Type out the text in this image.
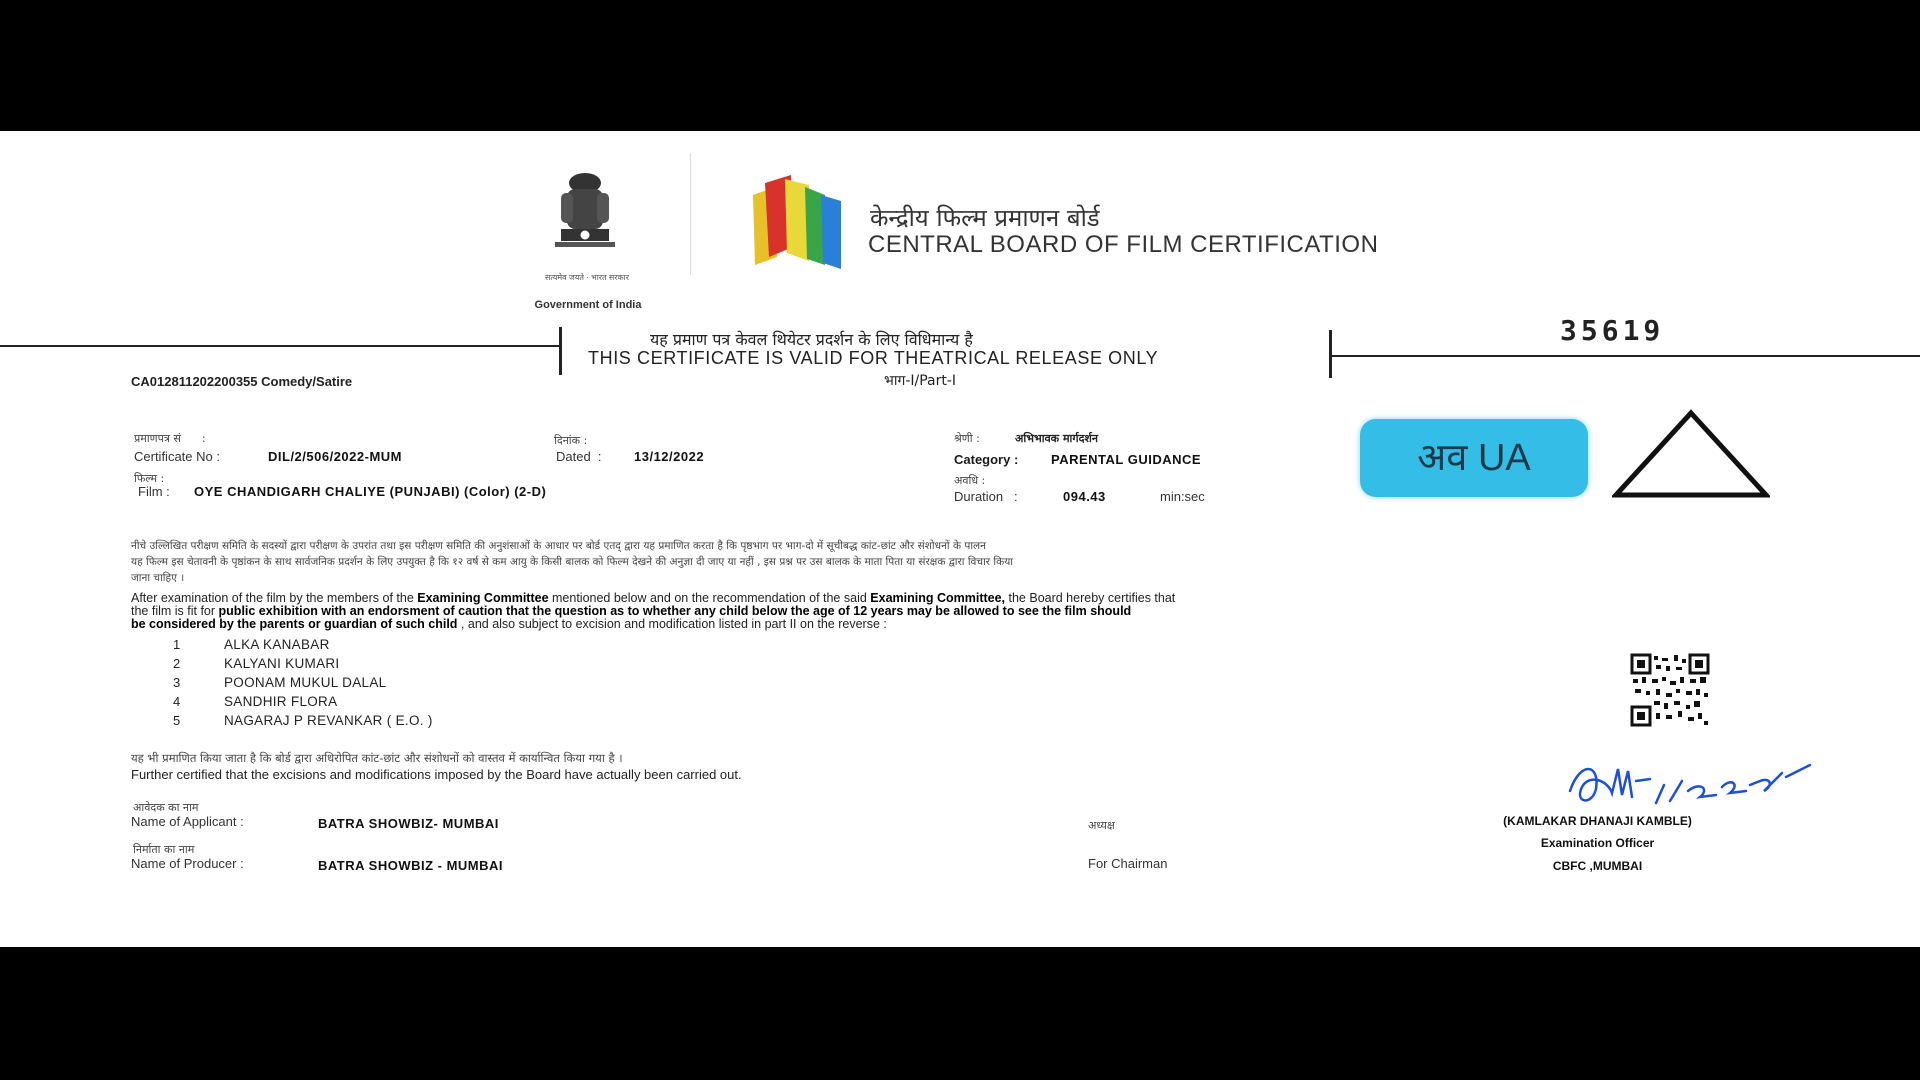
सत्यमेव जयते · भारत सरकार
Government of India
केन्द्रीय फिल्म प्रमाणन बोर्ड
CENTRAL BOARD OF FILM CERTIFICATION
35619
यह प्रमाण पत्र केवल थियेटर प्रदर्शन के लिए विधिमान्य है
THIS CERTIFICATE IS VALID FOR THEATRICAL RELEASE ONLY
भाग-I/Part-I
CA012811202200355 Comedy/Satire
प्रमाणपत्र सं      :
Certificate No :	DIL/2/506/2022-MUM
फिल्म :
Film : OYE CHANDIGARH CHALIYE (PUNJABI) (Color) (2-D)
दिनांक :
Dated  : 13/12/2022
श्रेणी :	अभिभावक मार्गदर्शन
Category :	PARENTAL GUIDANCE
अवधि :
Duration   :	094.43	min:sec
अव UA
नीचे उल्लिखित परीक्षण समिति के सदस्यों द्वारा परीक्षण के उपरांत तथा इस परीक्षण समिति की अनुशंसाओं के आधार पर बोर्ड एतद् द्वारा यह प्रमाणित करता है कि पृष्ठभाग पर भाग-दो में सूचीबद्ध कांट-छांट और संशोधनों के पालन
यह फिल्म इस चेतावनी के पृष्ठांकन के साथ सार्वजनिक प्रदर्शन के लिए उपयुक्त है कि १२ वर्ष से कम आयु के किसी बालक को फिल्म देखने की अनुज्ञा दी जाए या नहीं , इस प्रश्न पर उस बालक के माता पिता या संरक्षक द्वारा विचार किया
जाना चाहिए ।
After examination of the film by the members of the Examining Committee mentioned below and on the recommendation of the said Examining Committee, the Board hereby certifies that
the film is fit for public exhibition with an endorsment of caution that the question as to whether any child below the age of 12 years may be allowed to see the film should
be considered by the parents or guardian of such child , and also subject to excision and modification listed in part II on the reverse :
1	ALKA KANABAR
2	KALYANI KUMARI
3	POONAM MUKUL DALAL
4	SANDHIR FLORA
5	NAGARAJ P REVANKAR ( E.O. )
यह भी प्रमाणित किया जाता है कि बोर्ड द्वारा अधिरोपित कांट-छांट और संशोधनों को वास्तव में कार्यान्वित किया गया है ।
Further certified that the excisions and modifications imposed by the Board have actually been carried out.
आवेदक का नाम
Name of Applicant :	BATRA SHOWBIZ- MUMBAI
निर्माता का नाम
Name of Producer :	BATRA SHOWBIZ - MUMBAI
अध्यक्ष
For Chairman
(KAMLAKAR DHANAJI KAMBLE)
Examination Officer
CBFC ,MUMBAI
